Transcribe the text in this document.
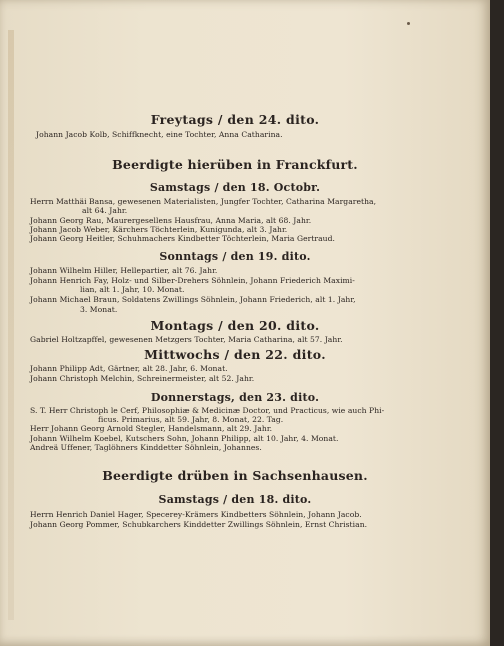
Freytags / den 24. dito.
Johann Jacob Kolb, Schiffknecht, eine Tochter, Anna Catharina.
Beerdigte hierüben in Franckfurt.
Samstags / den 18. Octobr.
Herrn Matthäi Bansa, gewesenen Materialisten, Jungfer Tochter, Catharina Margaretha,
alt 64. Jahr.
Johann Georg Rau, Maurergesellens Hausfrau, Anna Maria, alt 68. Jahr.
Johann Jacob Weber, Kärchers Töchterlein, Kunigunda, alt 3. Jahr.
Johann Georg Heitler, Schuhmachers Kindbetter Töchterlein, Maria Gertraud.
Sonntags / den 19. dito.
Johann Wilhelm Hiller, Hellepartier, alt 76. Jahr.
Johann Henrich Fay, Holz- und Silber-Drehers Söhnlein, Johann Friederich Maximi-
lian, alt 1. Jahr, 10. Monat.
Johann Michael Braun, Soldatens Zwillings Söhnlein, Johann Friederich, alt 1. Jahr,
3. Monat.
Montags / den 20. dito.
Gabriel Holtzapffel, gewesenen Metzgers Tochter, Maria Catharina, alt 57. Jahr.
Mittwochs / den 22. dito.
Johann Philipp Adt, Gärtner, alt 28. Jahr, 6. Monat.
Johann Christoph Melchin, Schreinermeister, alt 52. Jahr.
Donnerstags, den 23. dito.
S. T. Herr Christoph le Cerf, Philosophiæ & Medicinæ Doctor, und Practicus, wie auch Phi-
ficus. Primarius, alt 59. Jahr, 8. Monat, 22. Tag.
Herr Johann Georg Arnold Stegler, Handelsmann, alt 29. Jahr.
Johann Wilhelm Koebel, Kutschers Sohn, Johann Philipp, alt 10. Jahr, 4. Monat.
Andreä Uffener, Taglöhners Kinddetter Söhnlein, Johannes.
Beerdigte drüben in Sachsenhausen.
Samstags / den 18. dito.
Herrn Henrich Daniel Hager, Specerey-Krämers Kindbetters Söhnlein, Johann Jacob.
Johann Georg Pommer, Schubkarchers Kinddetter Zwillings Söhnlein, Ernst Christian.
